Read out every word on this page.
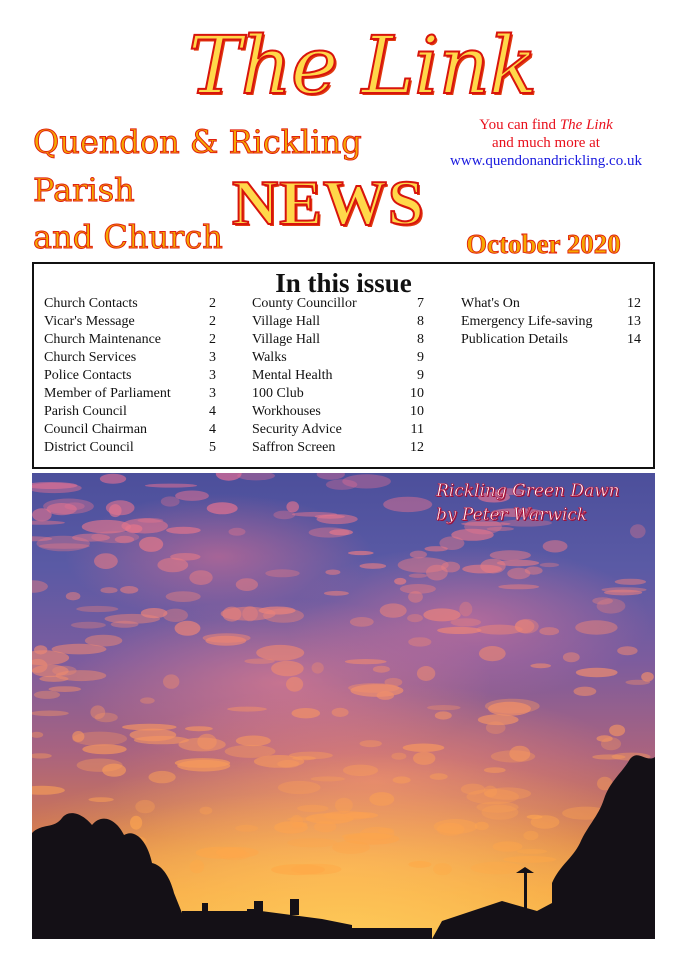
The Link
Quendon & Rickling
Parish
and Church NEWS
October 2020
You can find The Link
and much more at
www.quendonandrickling.co.uk
In this issue
Church Contacts	2
Vicar's Message	2
Church Maintenance	2
Church Services	3
Police Contacts	3
Member of Parliament	3
Parish Council	4
Council Chairman	4
District Council	5
County Councillor	7
Village Hall	8
Village Hall	8
Walks	9
Mental Health	9
100 Club	10
Workhouses	10
Security Advice	11
Saffron Screen	12
What's On	12
Emergency Life-saving 13
Publication Details	14
Rickling Green Dawn
by Peter Warwick
